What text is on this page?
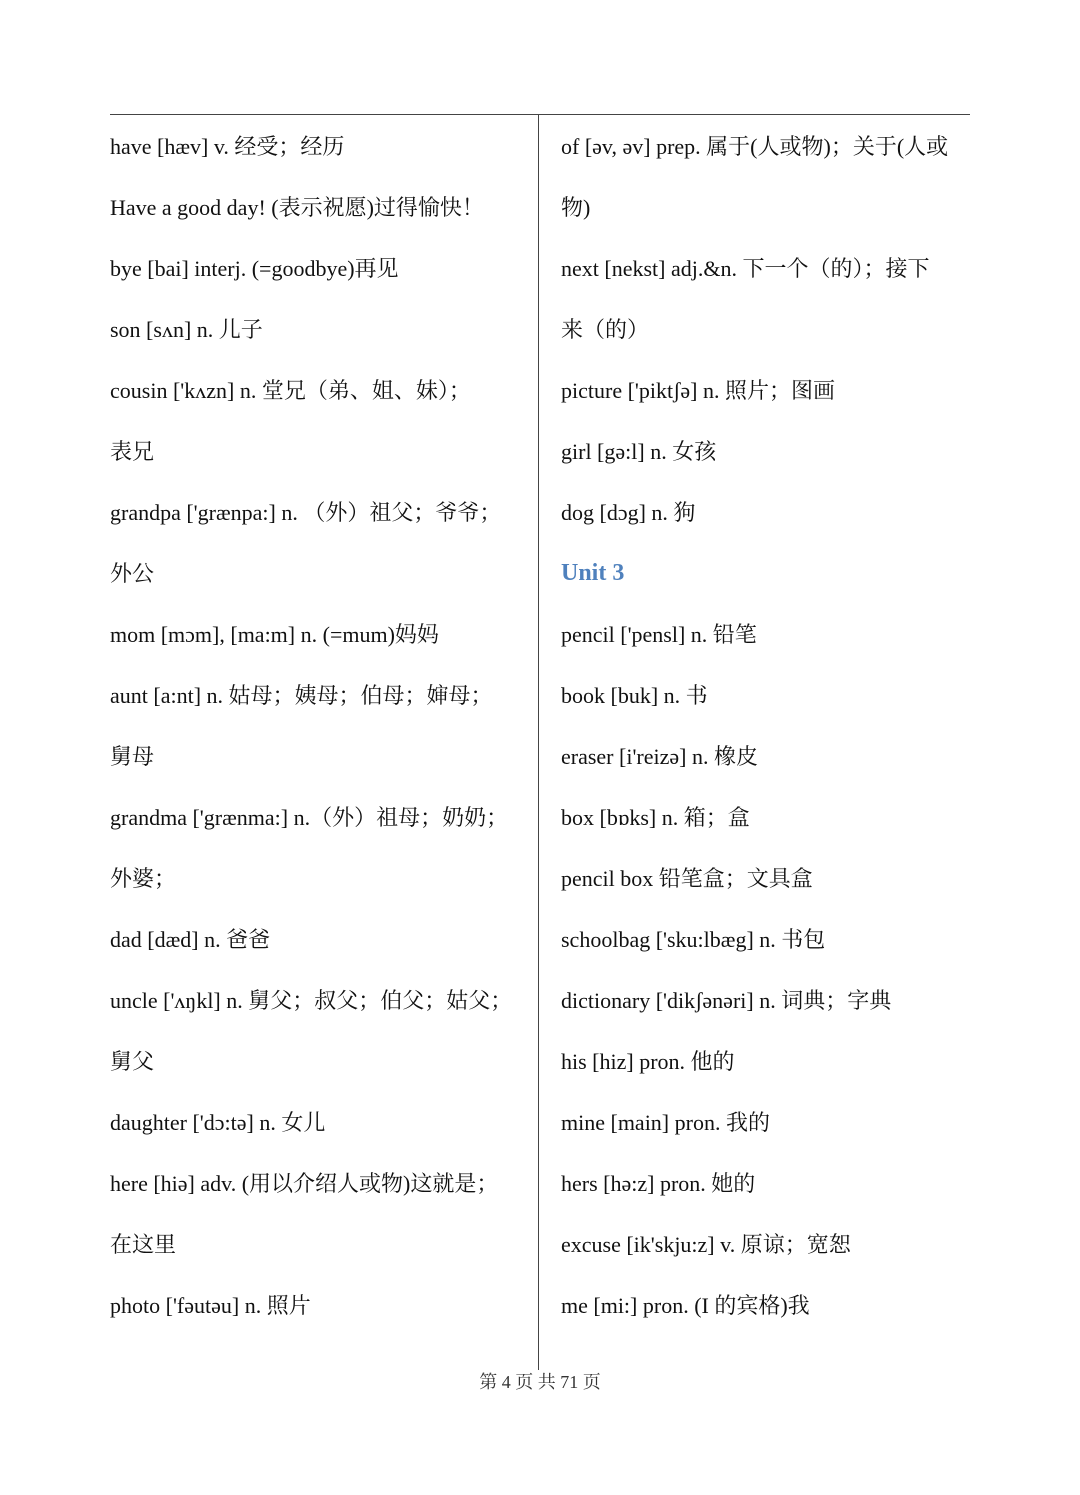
have [hæv] v. 经受；经历
Have a good day! (表示祝愿)过得愉快！
bye [bai] interj. (=goodbye)再见
son [sʌn] n. 儿子
cousin ['kʌzn] n. 堂兄（弟、姐、妹）；
表兄
grandpa ['grænpa:] n. （外）祖父；爷爷；
外公
mom [mɔm], [ma:m] n. (=mum)妈妈
aunt [a:nt] n. 姑母；姨母；伯母；婶母；
舅母
grandma ['grænma:] n.（外）祖母；奶奶；
外婆；
dad [dæd] n. 爸爸
uncle ['ʌŋkl] n. 舅父；叔父；伯父；姑父；
舅父
daughter ['dɔ:tə] n. 女儿
here [hiə] adv. (用以介绍人或物)这就是；
在这里
photo ['fəutəu] n. 照片
of [əv, əv] prep. 属于(人或物)；关于(人或
物)
next [nekst] adj.&n. 下一个（的）；接下
来（的）
picture ['piktʃə] n. 照片；图画
girl [gə:l] n. 女孩
dog [dɔg] n. 狗
Unit 3
pencil ['pensl] n. 铅笔
book [buk] n. 书
eraser [i'reizə] n. 橡皮
box [bɒks] n. 箱；盒
pencil box 铅笔盒；文具盒
schoolbag ['sku:lbæg] n. 书包
dictionary ['dikʃənəri] n. 词典；字典
his [hiz] pron. 他的
mine [main] pron. 我的
hers [hə:z] pron. 她的
excuse [ik'skju:z] v. 原谅；宽恕
me [mi:] pron. (I 的宾格)我
第 4 页 共 71 页
